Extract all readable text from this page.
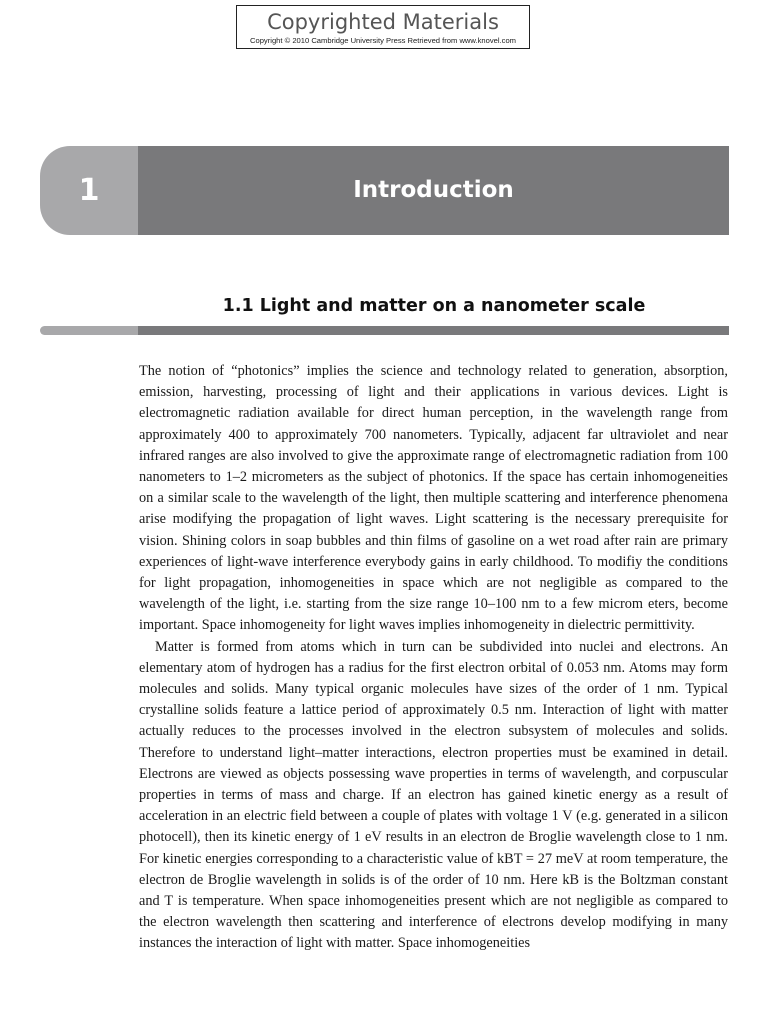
Copyrighted Materials
Copyright © 2010 Cambridge University Press Retrieved from www.knovel.com
1	Introduction
1.1 Light and matter on a nanometer scale

The notion of “photonics” implies the science and technology related to generation, absorption, emission, harvesting, processing of light and their applications in various devices. Light is electromagnetic radiation available for direct human perception, in the wavelength range from approximately 400 to approximately 700 nanometers. Typically, adjacent far ultraviolet and near infrared ranges are also involved to give the approximate range of electromagnetic radiation from 100 nanometers to 1–2 micrometers as the subject of photonics. If the space has certain inhomogeneities on a similar scale to the wavelength of the light, then multiple scattering and interference phenomena arise modifying the propagation of light waves. Light scattering is the necessary prerequisite for vision. Shining colors in soap bubbles and thin films of gasoline on a wet road after rain are primary experiences of light-wave interference everybody gains in early childhood. To modifiy the conditions for light propagation, inhomogeneities in space which are not negligible as compared to the wavelength of the light, i.e. starting from the size range 10–100 nm to a few microm eters, become important. Space inhomogeneity for light waves implies inhomogeneity in dielectric permittivity.

Matter is formed from atoms which in turn can be subdivided into nuclei and electrons. An elementary atom of hydrogen has a radius for the first electron orbital of 0.053 nm. Atoms may form molecules and solids. Many typical organic molecules have sizes of the order of 1 nm. Typical crystalline solids feature a lattice period of approximately 0.5 nm. Interaction of light with matter actually reduces to the processes involved in the electron subsystem of molecules and solids. Therefore to understand light–matter interactions, electron properties must be examined in detail. Electrons are viewed as objects possessing wave properties in terms of wavelength, and corpuscular properties in terms of mass and charge. If an electron has gained kinetic energy as a result of acceleration in an electric field between a couple of plates with voltage 1 V (e.g. generated in a silicon photocell), then its kinetic energy of 1 eV results in an electron de Broglie wavelength close to 1 nm. For kinetic energies corresponding to a characteristic value of kBT = 27 meV at room temperature, the electron de Broglie wavelength in solids is of the order of 10 nm. Here kB is the Boltzman constant and T is temperature. When space inhomogeneities present which are not negligible as compared to the electron wavelength then scattering and interference of electrons develop modifying in many instances the interaction of light with matter. Space inhomogeneities
